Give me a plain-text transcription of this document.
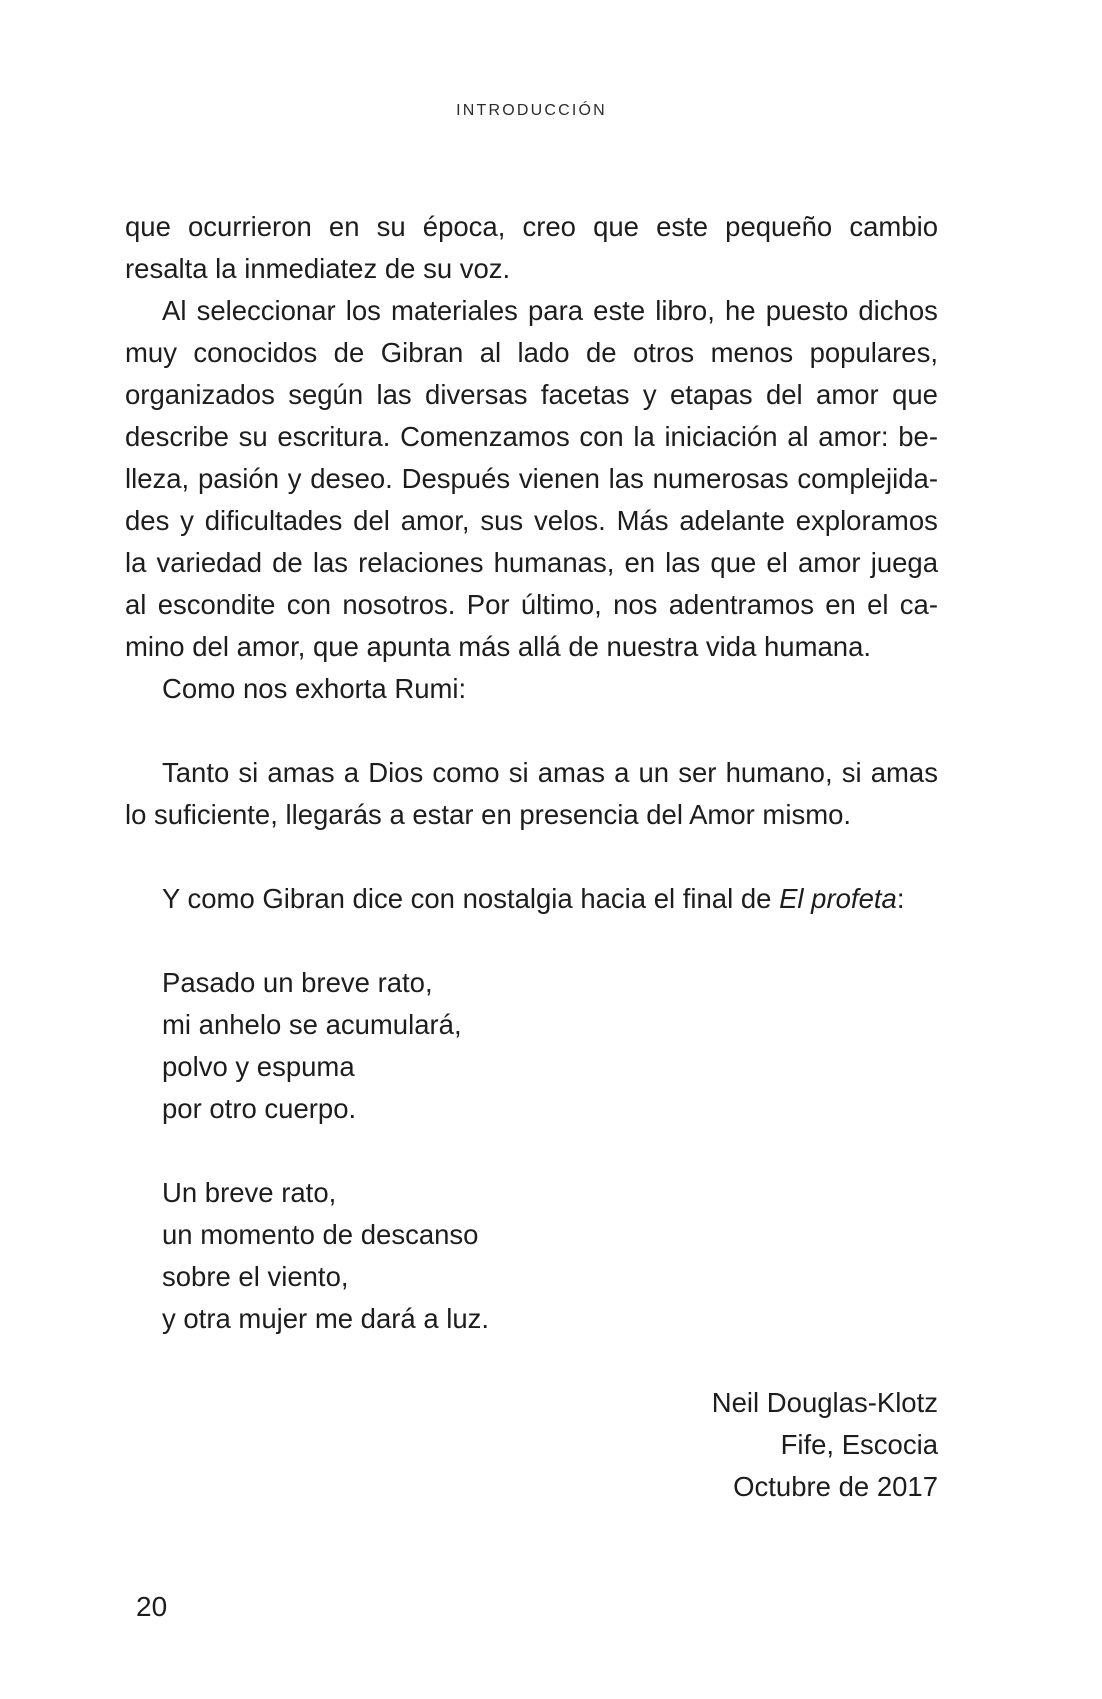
INTRODUCCIÓN
que ocurrieron en su época, creo que este pequeño cambio
resalta la inmediatez de su voz.
Al seleccionar los materiales para este libro, he puesto dichos
muy conocidos de Gibran al lado de otros menos populares,
organizados según las diversas facetas y etapas del amor que
describe su escritura. Comenzamos con la iniciación al amor: be-
lleza, pasión y deseo. Después vienen las numerosas complejida-
des y dificultades del amor, sus velos. Más adelante exploramos
la variedad de las relaciones humanas, en las que el amor juega
al escondite con nosotros. Por último, nos adentramos en el ca-
mino del amor, que apunta más allá de nuestra vida humana.
Como nos exhorta Rumi:
Tanto si amas a Dios como si amas a un ser humano, si amas
lo suficiente, llegarás a estar en presencia del Amor mismo.
Y como Gibran dice con nostalgia hacia el final de El profeta:
Pasado un breve rato,
mi anhelo se acumulará,
polvo y espuma
por otro cuerpo.
Un breve rato,
un momento de descanso
sobre el viento,
y otra mujer me dará a luz.
Neil Douglas-Klotz
Fife, Escocia
Octubre de 2017
20
